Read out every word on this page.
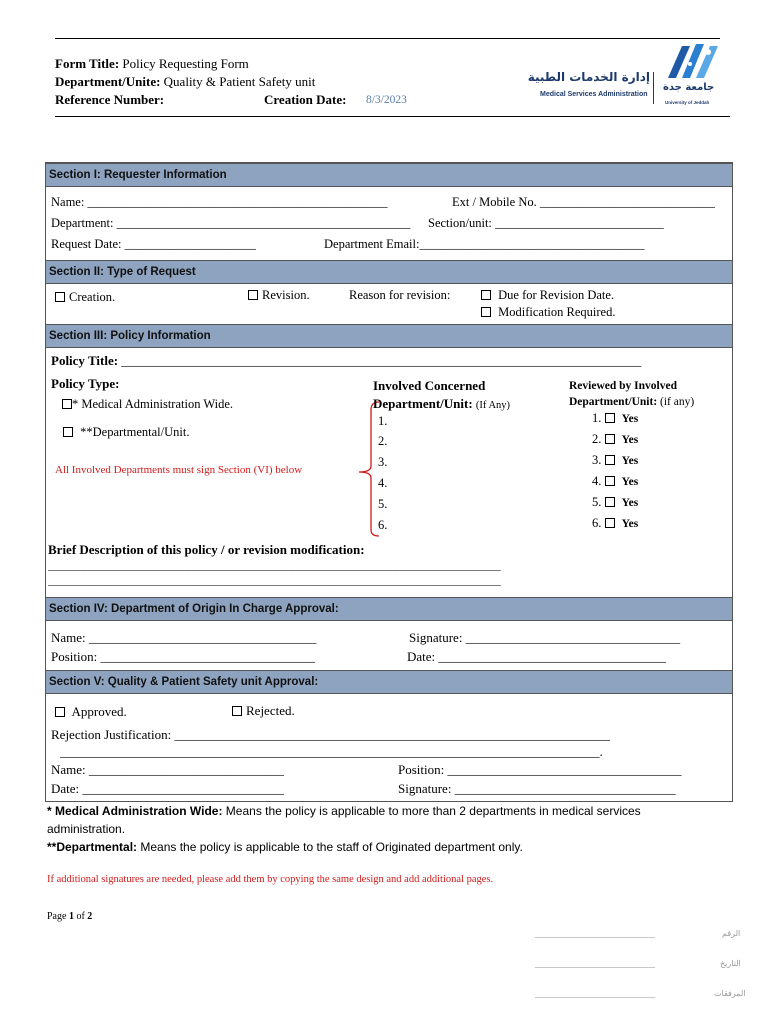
Form Title: Policy Requesting Form
Department/Unite: Quality & Patient Safety unit
Reference Number:	Creation Date: 8/3/2023
إدارة الخدمات الطبية
Medical Services Administration
جامعة جدة
University of Jeddah
Section I: Requester Information
Name: ________________________________________________	Ext / Mobile No. ____________________________
Department: _______________________________________________ Section/unit: ___________________________
Request Date: _____________________	Department Email:____________________________________
Section II: Type of Request
Creation.	Revision.	Reason for revision:	Due for Revision Date.
Modification Required.
Section III: Policy Information
Policy Title: ________________________________________________________________________________
Policy Type:
* Medical Administration Wide.
**Departmental/Unit.
All Involved Departments must sign Section (VI) below
Involved Concerned
Department/Unit: (If Any)
1.
2.
3.
4.
5.
6.
Reviewed by Involved
Department/Unit: (if any)
1. Yes
2. Yes
3. Yes
4. Yes
5. Yes
6. Yes
Brief Description of this policy / or revision modification:
_______________________________________________________________________________________
_______________________________________________________________________________________
Section IV: Department of Origin In Charge Approval:
Name: ___________________________________	Signature: _________________________________
Position: _________________________________	Date: ___________________________________
Section V: Quality & Patient Safety unit Approval:
Approved.	Rejected.
Rejection Justification: ___________________________________________________________________
___________________________________________________________________________________.
Name: ______________________________	Position: ____________________________________
Date: _______________________________	Signature: __________________________________
* Medical Administration Wide: Means the policy is applicable to more than 2 departments in medical services
administration.
**Departmental: Means the policy is applicable to the staff of Originated department only.
If additional signatures are needed, please add them by copying the same design and add additional pages.
Page 1 of 2
________________________	الرقم
________________________	التاريخ
________________________	المرفقات
